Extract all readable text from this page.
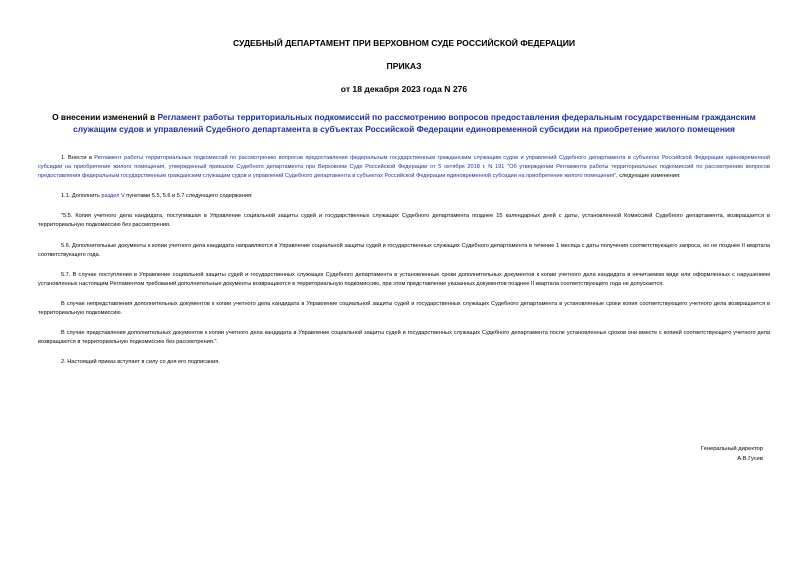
СУДЕБНЫЙ ДЕПАРТАМЕНТ ПРИ ВЕРХОВНОМ СУДЕ РОССИЙСКОЙ ФЕДЕРАЦИИ
ПРИКАЗ
от 18 декабря 2023 года N 276
О внесении изменений в Регламент работы территориальных подкомиссий по рассмотрению вопросов предоставления федеральным государственным гражданским служащим судов и управлений Судебного департамента в субъектах Российской Федерации единовременной субсидии на приобретение жилого помещения

1. Внести в Регламент работы территориальных подкомиссий по рассмотрению вопросов предоставления федеральным государственным гражданским служащим судов и управлений Судебного департамента в субъектах Российской Федерации единовременной субсидии на приобретение жилого помещения, утвержденный приказом Судебного департамента при Верховном Суде Российской Федерации от 5 октября 2018 г. N 191 "Об утверждении Регламента работы территориальных подкомиссий по рассмотрению вопросов предоставления федеральным государственным гражданским служащим судов и управлений Судебного департамента в субъектах Российской Федерации единовременной субсидии на приобретение жилого помещения", следующие изменения:

1.1. Дополнить раздел V пунктами 5.5, 5.6 и 5.7 следующего содержания:

"5.5. Копия учетного дела кандидата, поступившая в Управление социальной защиты судей и государственных служащих Судебного департамента позднее 15 календарных дней с даты, установленной Комиссией Судебного департамента, возвращается в территориальную подкомиссию без рассмотрения.

5.6. Дополнительные документы к копии учетного дела кандидата направляются в Управление социальной защиты судей и государственных служащих Судебного департамента в течение 1 месяца с даты получения соответствующего запроса, но не позднее II квартала соответствующего года.

5.7. В случае поступления в Управление социальной защиты судей и государственных служащих Судебного департамента в установленные сроки дополнительных документов к копии учетного дела кандидата в нечитаемом виде или оформленных с нарушением установленных настоящим Регламентом требований дополнительные документы возвращаются в территориальную подкомиссию, при этом представление указанных документов позднее II квартала соответствующего года не допускается.

В случае непредставления дополнительных документов к копии учетного дела кандидата в Управление социальной защиты судей и государственных служащих Судебного департамента в установленные сроки копия соответствующего учетного дела возвращается в территориальную подкомиссию.

В случае представления дополнительных документов к копии учетного дела кандидата в Управление социальной защиты судей и государственных служащих Судебного департамента после установленных сроков они вместе с копией соответствующего учетного дела возвращаются в территориальную подкомиссию без рассмотрения.".

2. Настоящий приказ вступает в силу со дня его подписания.

Генеральный директор
А.В.Гусев
